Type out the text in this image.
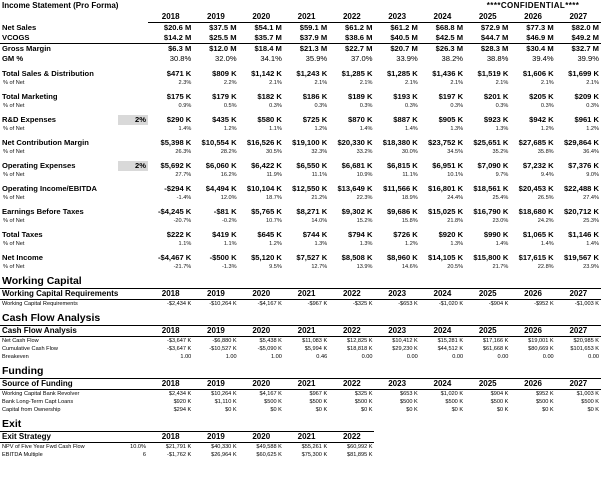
Income Statement (Pro Forma)									****CONFIDENTIAL****		
		2018	2019	2020	2021	2022	2023	2024	2025	2026	2027
Net Sales		$20.6 M	$37.5 M	$54.1 M	$59.1 M	$61.2 M	$61.2 M	$68.8 M	$72.9 M	$77.3 M	$82.0 M
VCOGS		$14.2 M	$25.5 M	$35.7 M	$37.9 M	$38.6 M	$40.5 M	$42.5 M	$44.7 M	$46.9 M	$49.2 M
Gross Margin		$6.3 M	$12.0 M	$18.4 M	$21.3 M	$22.7 M	$20.7 M	$26.3 M	$28.3 M	$30.4 M	$32.7 M
GM %		30.8%	32.0%	34.1%	35.9%	37.0%	33.9%	38.2%	38.8%	39.4%	39.9%

Total Sales & Distribution		$471 K	$809 K	$1,142 K	$1,243 K	$1,285 K	$1,285 K	$1,436 K	$1,519 K	$1,606 K	$1,699 K
% of Net		2.3%	2.2%	2.1%	2.1%	2.1%	2.1%	2.1%	2.1%	2.1%	2.1%

Total Marketing		$175 K	$179 K	$182 K	$186 K	$189 K	$193 K	$197 K	$201 K	$205 K	$209 K
% of Net		0.9%	0.5%	0.3%	0.3%	0.3%	0.3%	0.3%	0.3%	0.3%	0.3%

R&D Expenses	2%	$290 K	$435 K	$580 K	$725 K	$870 K	$887 K	$905 K	$923 K	$942 K	$961 K
% of Net		1.4%	1.2%	1.1%	1.2%	1.4%	1.4%	1.3%	1.3%	1.2%	1.2%

Net Contribution Margin		$5,398 K	$10,554 K	$16,526 K	$19,100 K	$20,330 K	$18,380 K	$23,752 K	$25,651 K	$27,685 K	$29,864 K
% of Net		26.3%	28.2%	30.5%	32.3%	33.2%	30.0%	34.5%	35.2%	35.8%	36.4%

Operating Expenses	2%	$5,692 K	$6,060 K	$6,422 K	$6,550 K	$6,681 K	$6,815 K	$6,951 K	$7,090 K	$7,232 K	$7,376 K
% of Net		27.7%	16.2%	11.9%	11.1%	10.9%	11.1%	10.1%	9.7%	9.4%	9.0%

Operating Income/EBITDA		-$294 K	$4,494 K	$10,104 K	$12,550 K	$13,649 K	$11,566 K	$16,801 K	$18,561 K	$20,453 K	$22,488 K
% of Net		-1.4%	12.0%	18.7%	21.2%	22.3%	18.9%	24.4%	25.4%	26.5%	27.4%

Earnings Before Taxes		-$4,245 K	-$81 K	$5,765 K	$8,271 K	$9,302 K	$9,686 K	$15,025 K	$16,790 K	$18,680 K	$20,712 K
% of Net		-20.7%	-0.2%	10.7%	14.0%	15.2%	15.8%	21.8%	23.0%	24.2%	25.3%

Total Taxes		$222 K	$419 K	$645 K	$744 K	$794 K	$726 K	$920 K	$990 K	$1,065 K	$1,146 K
% of Net		1.1%	1.1%	1.2%	1.3%	1.3%	1.2%	1.3%	1.4%	1.4%	1.4%

Net Income		-$4,467 K	-$500 K	$5,120 K	$7,527 K	$8,508 K	$8,960 K	$14,105 K	$15,800 K	$17,615 K	$19,567 K
% of Net		-21.7%	-1.3%	9.5%	12.7%	13.9%	14.6%	20.5%	21.7%	22.8%	23.9%
Working Capital											
Working Capital Requirements		2018	2019	2020	2021	2022	2023	2024	2025	2026	2027
Working Capital Requirements		-$2,434 K	-$10,264 K	-$4,167 K	-$967 K	-$325 K	-$653 K	-$1,020 K	-$904 K	-$952 K	-$1,003 K
Cash Flow Analysis											
Cash Flow Analysis		2018	2019	2020	2021	2022	2023	2024	2025	2026	2027
Net Cash Flow		-$3,647 K	-$6,880 K	$5,438 K	$11,083 K	$12,825 K	$10,412 K	$15,281 K	$17,166 K	$19,001 K	$20,985 K
Cumulative Cash Flow		-$3,647 K	-$10,527 K	-$5,090 K	$5,994 K	$18,818 K	$29,230 K	$44,512 K	$61,668 K	$80,669 K	$101,653 K
Breakeven		1.00	1.00	1.00	0.46	0.00	0.00	0.00	0.00	0.00	0.00
Funding											
Source of Funding		2018	2019	2020	2021	2022	2023	2024	2025	2026	2027
Working Capital Bank Revolver		$2,434 K	$10,264 K	$4,167 K	$967 K	$325 K	$653 K	$1,020 K	$904 K	$952 K	$1,003 K
Bank Long-Term Capt Loans		$920 K	$1,110 K	$500 K	$500 K	$500 K	$500 K	$500 K	$500 K	$500 K	$500 K
Capital from Ownership		$294 K	$0 K	$0 K	$0 K	$0 K	$0 K	$0 K	$0 K	$0 K	$0 K
Exit											
Exit Strategy		2018	2019	2020	2021	2022					
NPV of Five Year Fwd Cash Flow	10.0%	$21,791 K	$40,330 K	$49,588 K	$55,261 K	$60,992 K					
EBITDA Multiple	6	-$1,762 K	$26,964 K	$60,625 K	$75,300 K	$81,895 K					
